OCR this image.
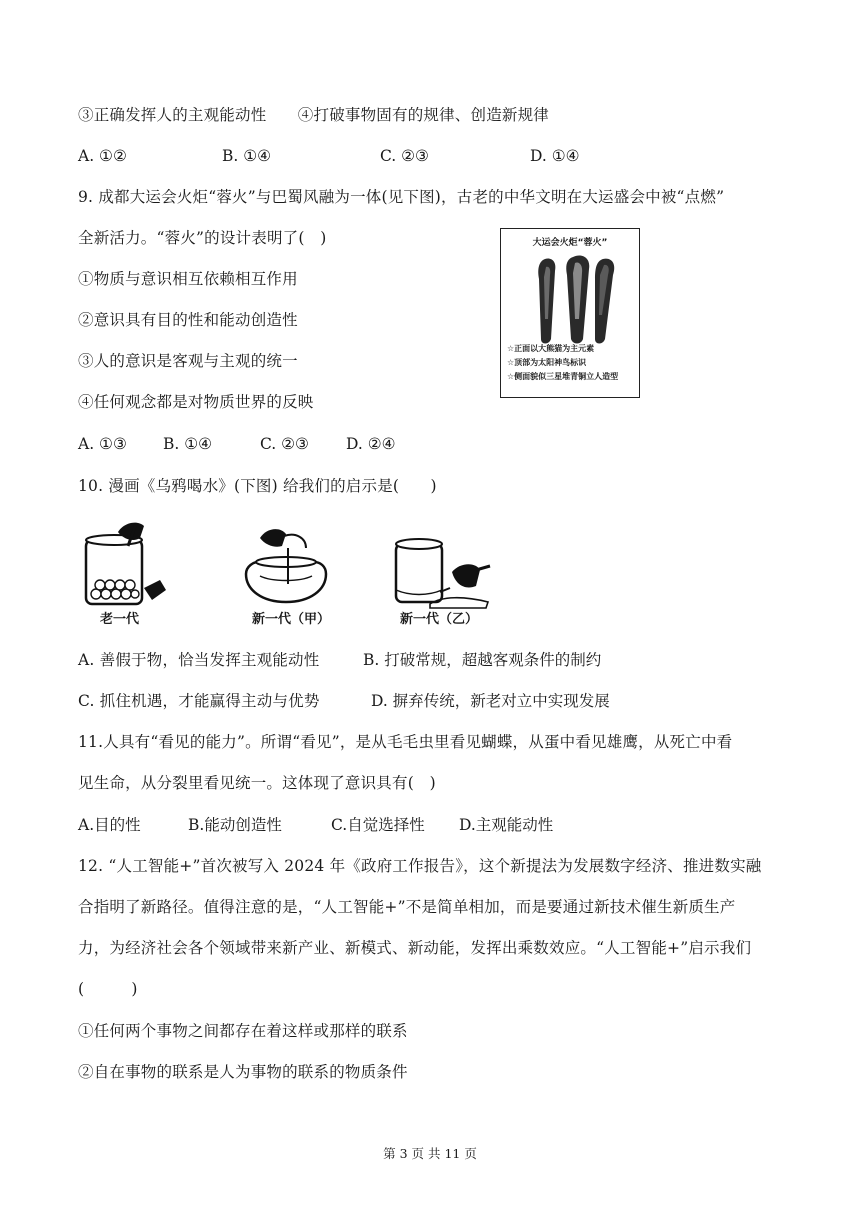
③正确发挥人的主观能动性　　④打破事物固有的规律、创造新规律
A. ①②	B. ①④	C. ②③	D. ①④
9. 成都大运会火炬“蓉火”与巴蜀风融为一体(见下图)，古老的中华文明在大运盛会中被“点燃”
全新活力。“蓉火”的设计表明了(　)
①物质与意识相互依赖相互作用
②意识具有目的性和能动创造性
③人的意识是客观与主观的统一
④任何观念都是对物质世界的反映
A. ①③ B. ①④	C. ②③ D. ②④
大运会火炬“蓉火”
☆正面以大熊猫为主元素
☆顶部为太阳神鸟标识
☆侧面貌似三星堆青铜立人造型
10. 漫画《乌鸦喝水》(下图) 给我们的启示是(　　)
老一代	新一代（甲）	新一代（乙）
A. 善假于物，恰当发挥主观能动性	B. 打破常规，超越客观条件的制约
C. 抓住机遇，才能赢得主动与优势	D. 摒弃传统，新老对立中实现发展
11.人具有“看见的能力”。所谓“看见”，是从毛毛虫里看见蝴蝶，从蛋中看见雄鹰，从死亡中看
见生命，从分裂里看见统一。这体现了意识具有(　)
A.目的性	B.能动创造性	C.自觉选择性 D.主观能动性
12. “人工智能+”首次被写入 2024 年《政府工作报告》，这个新提法为发展数字经济、推进数实融
合指明了新路径。值得注意的是，“人工智能+”不是简单相加，而是要通过新技术催生新质生产
力，为经济社会各个领域带来新产业、新模式、新动能，发挥出乘数效应。“人工智能+”启示我们
(　　　)
①任何两个事物之间都存在着这样或那样的联系
②自在事物的联系是人为事物的联系的物质条件
第 3 页 共 11 页
